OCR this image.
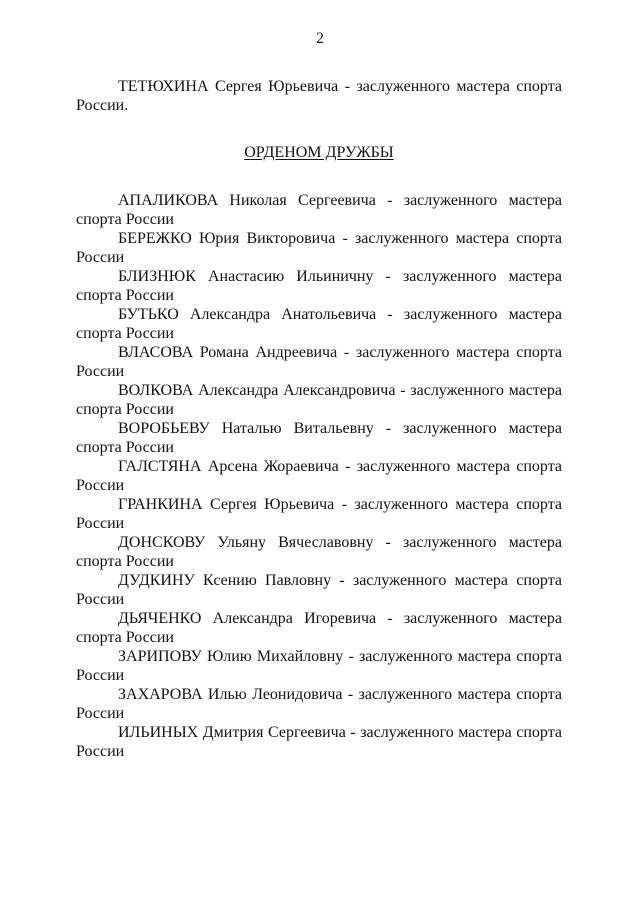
2

ТЕТЮХИНА Сергея Юрьевича - заслуженного мастера спорта России.

ОРДЕНОМ ДРУЖБЫ

АПАЛИКОВА Николая Сергеевича - заслуженного мастера спорта России

БЕРЕЖКО Юрия Викторовича - заслуженного мастера спорта России

БЛИЗНЮК Анастасию Ильиничну - заслуженного мастера спорта России

БУТЬКО Александра Анатольевича - заслуженного мастера спорта России

ВЛАСОВА Романа Андреевича - заслуженного мастера спорта России

ВОЛКОВА Александра Александровича - заслуженного мастера спорта России

ВОРОБЬЕВУ Наталью Витальевну - заслуженного мастера спорта России

ГАЛСТЯНА Арсена Жораевича - заслуженного мастера спорта России

ГРАНКИНА Сергея Юрьевича - заслуженного мастера спорта России

ДОНСКОВУ Ульяну Вячеславовну - заслуженного мастера спорта России

ДУДКИНУ Ксению Павловну - заслуженного мастера спорта России

ДЬЯЧЕНКО Александра Игоревича - заслуженного мастера спорта России

ЗАРИПОВУ Юлию Михайловну - заслуженного мастера спорта России

ЗАХАРОВА Илью Леонидовича - заслуженного мастера спорта России

ИЛЬИНЫХ Дмитрия Сергеевича - заслуженного мастера спорта России
